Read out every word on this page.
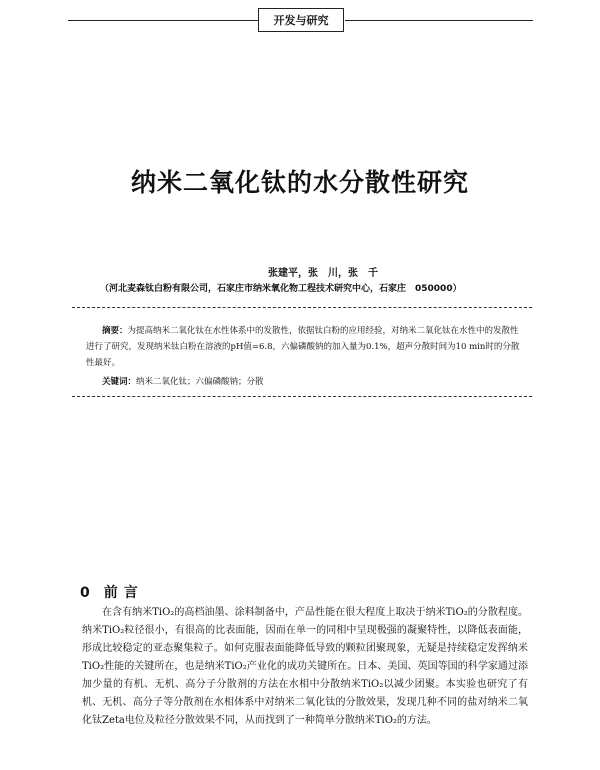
开发与研究
纳米二氧化钛的水分散性研究
张建平，张　川，张　千
（河北麦森钛白粉有限公司，石家庄市纳米氧化物工程技术研究中心，石家庄　050000）
摘要：为提高纳米二氧化钛在水性体系中的发散性，依据钛白粉的应用经验，对纳米二氧化钛在水性中的发散性进行了研究，发现纳米钛白粉在溶液的pH值=6.8，六偏磷酸钠的加入量为0.1%，超声分散时间为10 min时的分散性最好。
关键词：纳米二氧化钛；六偏磷酸钠；分散
0 前言
在含有纳米TiO₂的高档油墨、涂料制备中，产品性能在很大程度上取决于纳米TiO₂的分散程度。纳米TiO₂粒径很小，有很高的比表面能，因而在单一的同相中呈现极强的凝聚特性，以降低表面能，形成比较稳定的亚态聚集粒子。如何克服表面能降低导致的颗粒团聚现象，无疑是持续稳定发挥纳米TiO₂性能的关键所在，也是纳米TiO₂产业化的成功关键所在。日本、美国、英国等国的科学家通过添加少量的有机、无机、高分子分散剂的方法在水相中分散纳米TiO₂以减少团聚。本实验也研究了有机、无机、高分子等分散剂在水相体系中对纳米二氧化钛的分散效果，发现几种不同的盐对纳米二氧化钛Zeta电位及粒径分散效果不同，从而找到了一种简单分散纳米TiO₂的方法。
